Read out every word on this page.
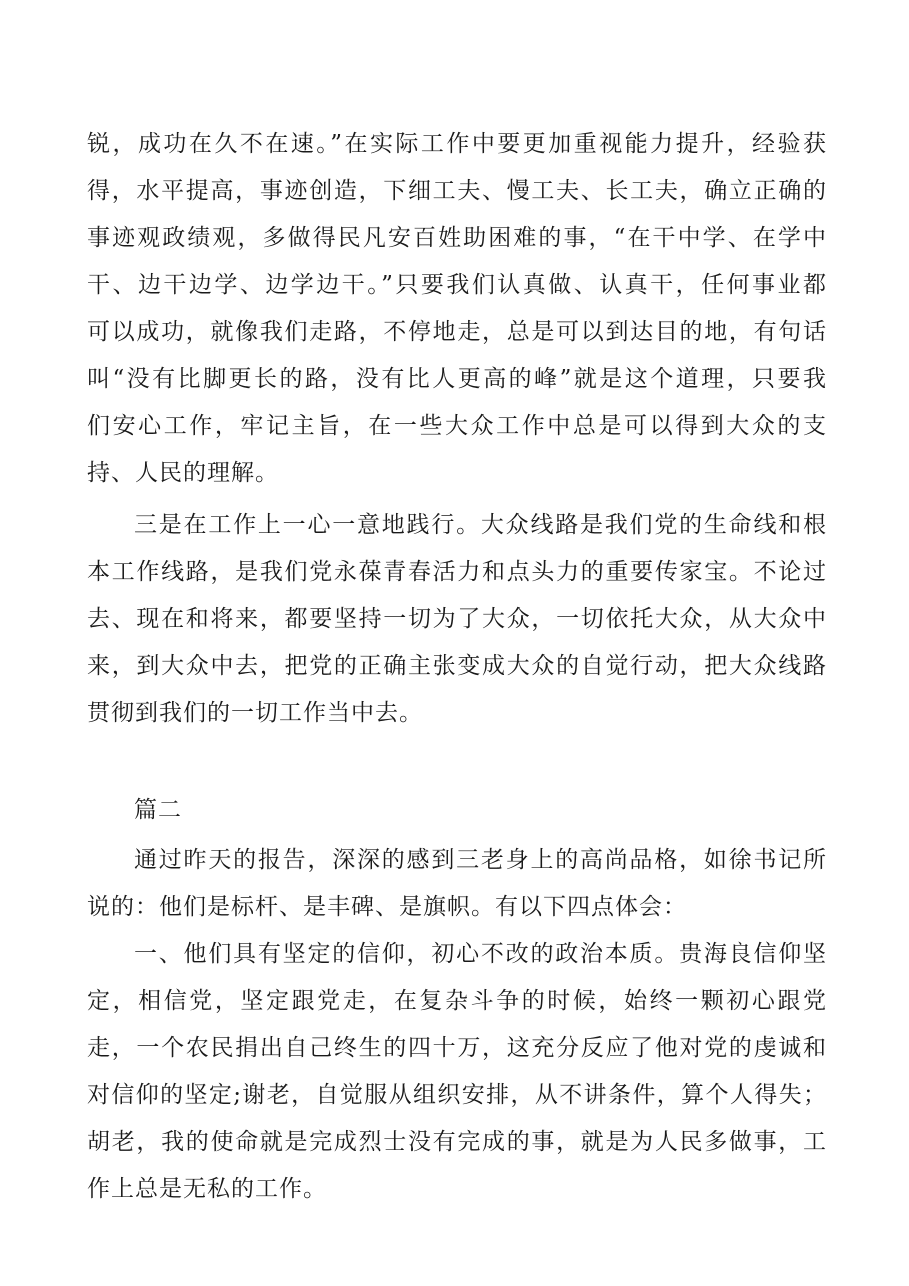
锐，成功在久不在速。”在实际工作中要更加重视能力提升，经验获
得，水平提高，事迹创造，下细工夫、慢工夫、长工夫，确立正确的
事迹观政绩观，多做得民凡安百姓助困难的事，“在干中学、在学中
干、边干边学、边学边干。”只要我们认真做、认真干，任何事业都
可以成功，就像我们走路，不停地走，总是可以到达目的地，有句话
叫“没有比脚更长的路，没有比人更高的峰”就是这个道理，只要我
们安心工作，牢记主旨，在一些大众工作中总是可以得到大众的支
持、人民的理解。
三是在工作上一心一意地践行。大众线路是我们党的生命线和根
本工作线路，是我们党永葆青春活力和点头力的重要传家宝。不论过
去、现在和将来，都要坚持一切为了大众，一切依托大众，从大众中
来，到大众中去，把党的正确主张变成大众的自觉行动，把大众线路
贯彻到我们的一切工作当中去。
篇二
通过昨天的报告，深深的感到三老身上的高尚品格，如徐书记所
说的：他们是标杆、是丰碑、是旗帜。有以下四点体会：
一、他们具有坚定的信仰，初心不改的政治本质。贵海良信仰坚
定，相信党，坚定跟党走，在复杂斗争的时候，始终一颗初心跟党
走，一个农民捐出自己终生的四十万，这充分反应了他对党的虔诚和
对信仰的坚定;谢老，自觉服从组织安排，从不讲条件，算个人得失；
胡老，我的使命就是完成烈士没有完成的事，就是为人民多做事，工
作上总是无私的工作。
